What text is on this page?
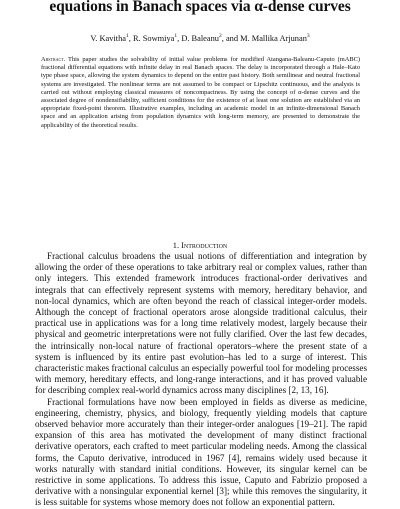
equations in Banach spaces via α-dense curves
V. Kavitha$^1$, R. Sowmiya$^1$, D. Baleanu$^2$, and M. Mallika Arjunan$^3$
Abstract. This paper studies the solvability of initial value problems for modified Atangana-Baleanu-Caputo (mABC) fractional differential equations with infinite delay in real Banach spaces. The delay is incorporated through a Hale–Kato type phase space, allowing the system dynamics to depend on the entire past history. Both semilinear and neutral fractional systems are investigated. The nonlinear terms are not assumed to be compact or Lipschitz continuous, and the analysis is carried out without employing classical measures of noncompactness. By using the concept of α-dense curves and the associated degree of nondensifiability, sufficient conditions for the existence of at least one solution are established via an appropriate fixed-point theorem. Illustrative examples, including an academic model in an infinite-dimensional Banach space and an application arising from population dynamics with long-term memory, are presented to demonstrate the applicability of the theoretical results.
1. Introduction

Fractional calculus broadens the usual notions of differentiation and integration by allowing the order of these operations to take arbitrary real or complex values, rather than only integers. This extended framework introduces fractional-order derivatives and integrals that can effectively represent systems with memory, hereditary behavior, and non-local dynamics, which are often beyond the reach of classical integer-order models. Although the concept of fractional operators arose alongside traditional calculus, their practical use in applications was for a long time relatively modest, largely because their physical and geometric interpretations were not fully clarified. Over the last few decades, the intrinsically non-local nature of fractional operators–where the present state of a system is influenced by its entire past evolution–has led to a surge of interest. This characteristic makes fractional calculus an especially powerful tool for modeling processes with memory, hereditary effects, and long-range interactions, and it has proved valuable for describing complex real-world dynamics across many disciplines [2, 13, 16].

Fractional formulations have now been employed in fields as diverse as medicine, engineering, chemistry, physics, and biology, frequently yielding models that capture observed behavior more accurately than their integer-order analogues [19–21]. The rapid expansion of this area has motivated the development of many distinct fractional derivative operators, each crafted to meet particular modeling needs. Among the classical forms, the Caputo derivative, introduced in 1967 [4], remains widely used because it works naturally with standard initial conditions. However, its singular kernel can be restrictive in some applications. To address this issue, Caputo and Fabrizio proposed a derivative with a nonsingular exponential kernel [3]; while this removes the singularity, it is less suitable for systems whose memory does not follow an exponential pattern.
